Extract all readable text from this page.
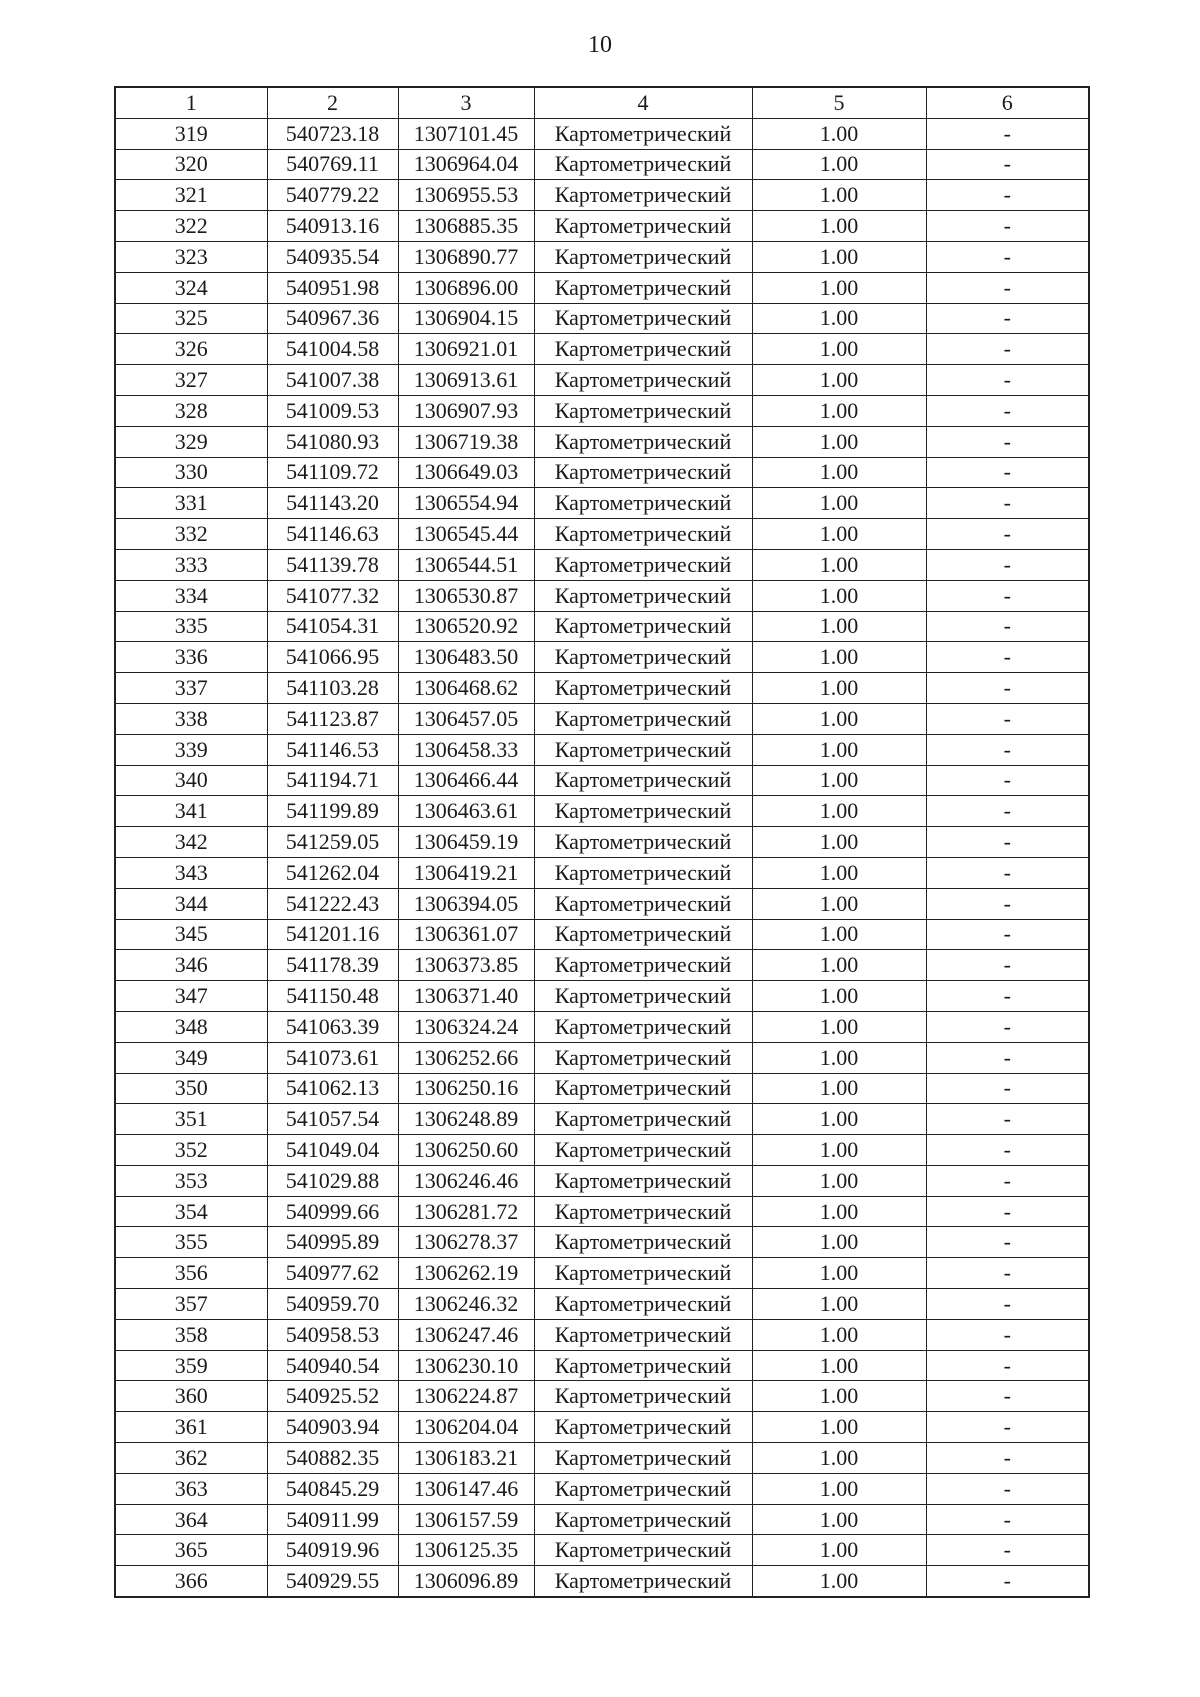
10
1	2	3	4	5	6
319	540723.18	1307101.45	Картометрический	1.00	-
320	540769.11	1306964.04	Картометрический	1.00	-
321	540779.22	1306955.53	Картометрический	1.00	-
322	540913.16	1306885.35	Картометрический	1.00	-
323	540935.54	1306890.77	Картометрический	1.00	-
324	540951.98	1306896.00	Картометрический	1.00	-
325	540967.36	1306904.15	Картометрический	1.00	-
326	541004.58	1306921.01	Картометрический	1.00	-
327	541007.38	1306913.61	Картометрический	1.00	-
328	541009.53	1306907.93	Картометрический	1.00	-
329	541080.93	1306719.38	Картометрический	1.00	-
330	541109.72	1306649.03	Картометрический	1.00	-
331	541143.20	1306554.94	Картометрический	1.00	-
332	541146.63	1306545.44	Картометрический	1.00	-
333	541139.78	1306544.51	Картометрический	1.00	-
334	541077.32	1306530.87	Картометрический	1.00	-
335	541054.31	1306520.92	Картометрический	1.00	-
336	541066.95	1306483.50	Картометрический	1.00	-
337	541103.28	1306468.62	Картометрический	1.00	-
338	541123.87	1306457.05	Картометрический	1.00	-
339	541146.53	1306458.33	Картометрический	1.00	-
340	541194.71	1306466.44	Картометрический	1.00	-
341	541199.89	1306463.61	Картометрический	1.00	-
342	541259.05	1306459.19	Картометрический	1.00	-
343	541262.04	1306419.21	Картометрический	1.00	-
344	541222.43	1306394.05	Картометрический	1.00	-
345	541201.16	1306361.07	Картометрический	1.00	-
346	541178.39	1306373.85	Картометрический	1.00	-
347	541150.48	1306371.40	Картометрический	1.00	-
348	541063.39	1306324.24	Картометрический	1.00	-
349	541073.61	1306252.66	Картометрический	1.00	-
350	541062.13	1306250.16	Картометрический	1.00	-
351	541057.54	1306248.89	Картометрический	1.00	-
352	541049.04	1306250.60	Картометрический	1.00	-
353	541029.88	1306246.46	Картометрический	1.00	-
354	540999.66	1306281.72	Картометрический	1.00	-
355	540995.89	1306278.37	Картометрический	1.00	-
356	540977.62	1306262.19	Картометрический	1.00	-
357	540959.70	1306246.32	Картометрический	1.00	-
358	540958.53	1306247.46	Картометрический	1.00	-
359	540940.54	1306230.10	Картометрический	1.00	-
360	540925.52	1306224.87	Картометрический	1.00	-
361	540903.94	1306204.04	Картометрический	1.00	-
362	540882.35	1306183.21	Картометрический	1.00	-
363	540845.29	1306147.46	Картометрический	1.00	-
364	540911.99	1306157.59	Картометрический	1.00	-
365	540919.96	1306125.35	Картометрический	1.00	-
366	540929.55	1306096.89	Картометрический	1.00	-
